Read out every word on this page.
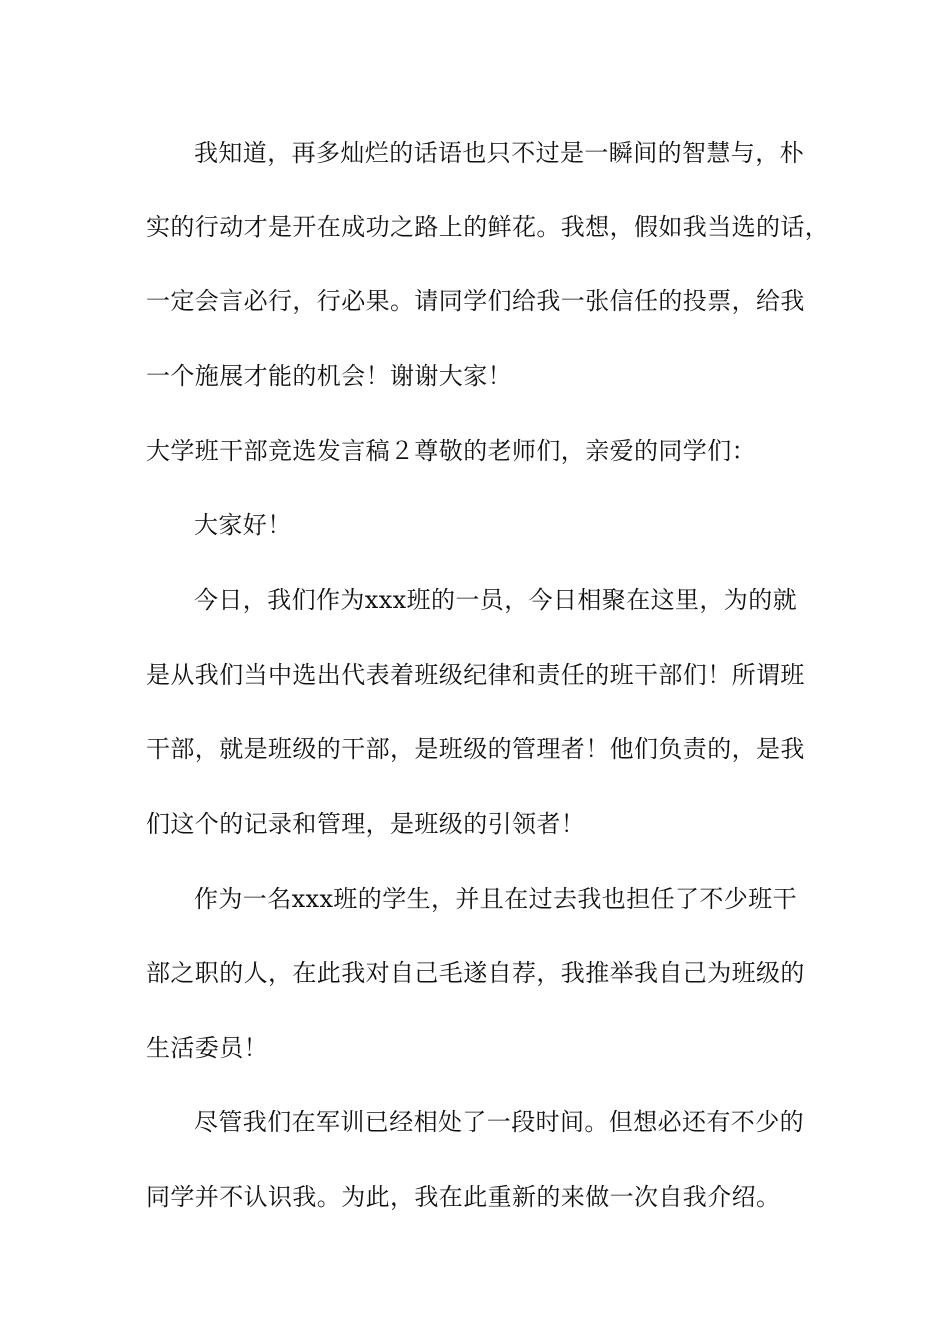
我知道，再多灿烂的话语也只不过是一瞬间的智慧与，朴
实的行动才是开在成功之路上的鲜花。我想，假如我当选的话，
一定会言必行，行必果。请同学们给我一张信任的投票，给我
一个施展才能的机会！谢谢大家！
大学班干部竞选发言稿２尊敬的老师们，亲爱的同学们：
大家好！
今日，我们作为xxx班的一员，今日相聚在这里，为的就
是从我们当中选出代表着班级纪律和责任的班干部们！所谓班
干部，就是班级的干部，是班级的管理者！他们负责的，是我
们这个的记录和管理，是班级的引领者！
作为一名xxx班的学生，并且在过去我也担任了不少班干
部之职的人，在此我对自己毛遂自荐，我推举我自己为班级的
生活委员！
尽管我们在军训已经相处了一段时间。但想必还有不少的
同学并不认识我。为此，我在此重新的来做一次自我介绍。
